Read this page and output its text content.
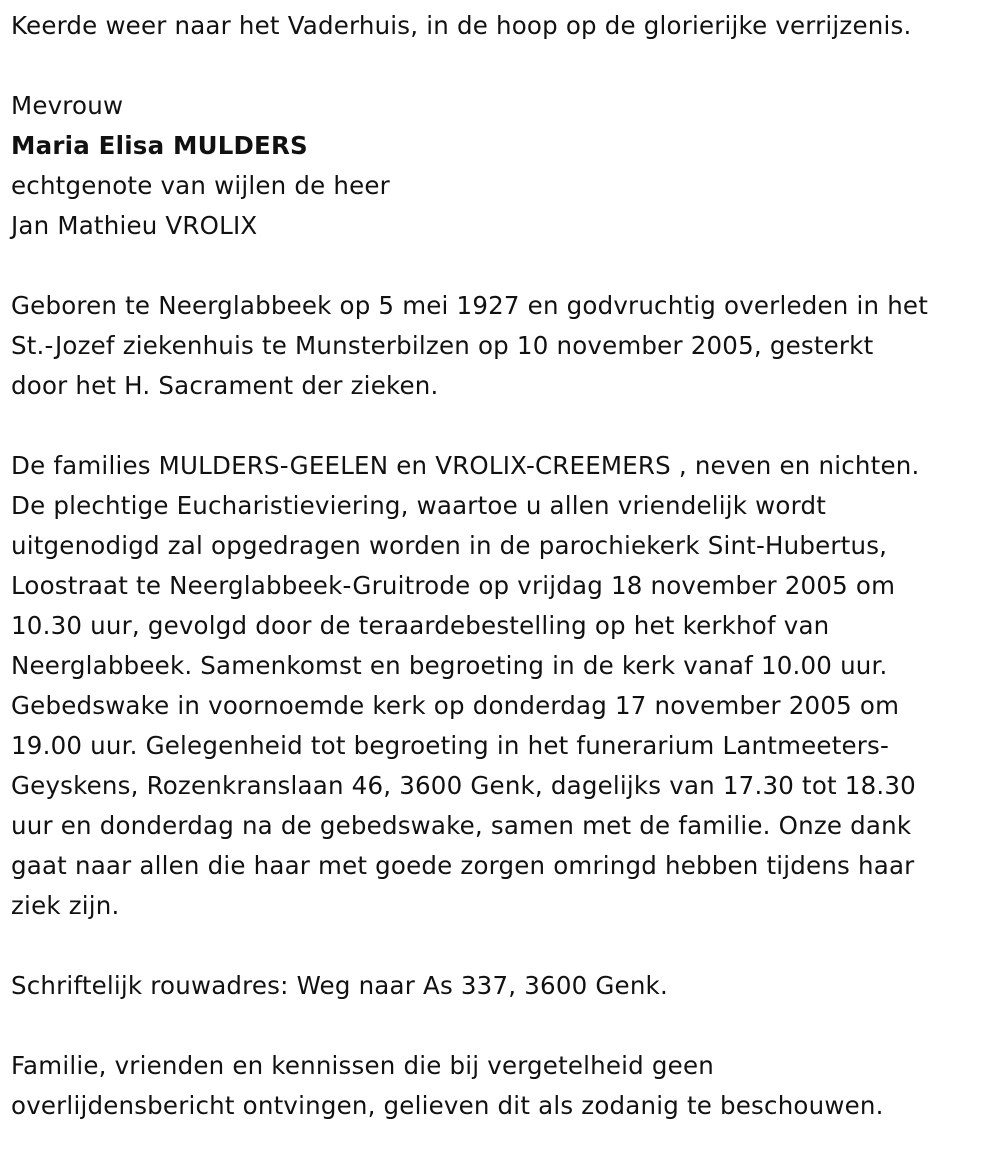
Keerde weer naar het Vaderhuis, in de hoop op de glorierijke verrijzenis.
Mevrouw
Maria Elisa MULDERS
echtgenote van wijlen de heer
Jan Mathieu VROLIX
Geboren te Neerglabbeek op 5 mei 1927 en godvruchtig overleden in het
St.-Jozef ziekenhuis te Munsterbilzen op 10 november 2005, gesterkt
door het H. Sacrament der zieken.
De families MULDERS-GEELEN en VROLIX-CREEMERS , neven en nichten.
De plechtige Eucharistieviering, waartoe u allen vriendelijk wordt
uitgenodigd zal opgedragen worden in de parochiekerk Sint-Hubertus,
Loostraat te Neerglabbeek-Gruitrode op vrijdag 18 november 2005 om
10.30 uur, gevolgd door de teraardebestelling op het kerkhof van
Neerglabbeek. Samenkomst en begroeting in de kerk vanaf 10.00 uur.
Gebedswake in voornoemde kerk op donderdag 17 november 2005 om
19.00 uur. Gelegenheid tot begroeting in het funerarium Lantmeeters-
Geyskens, Rozenkranslaan 46, 3600 Genk, dagelijks van 17.30 tot 18.30
uur en donderdag na de gebedswake, samen met de familie. Onze dank
gaat naar allen die haar met goede zorgen omringd hebben tijdens haar
ziek zijn.
Schriftelijk rouwadres: Weg naar As 337, 3600 Genk.
Familie, vrienden en kennissen die bij vergetelheid geen
overlijdensbericht ontvingen, gelieven dit als zodanig te beschouwen.
